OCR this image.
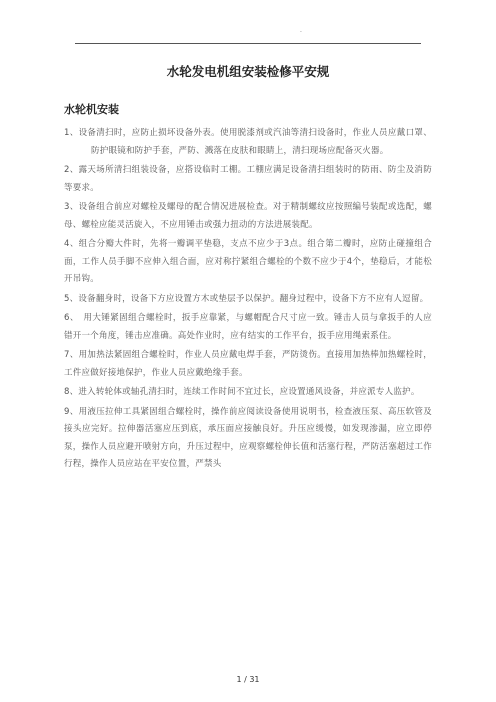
.
水轮发电机组安装检修平安规
水轮机安装

1、设备清扫时，应防止损坏设备外表。使用脱漆剂或汽油等清扫设备时，作业人员应戴口罩、防护眼镜和防护手套，严防、溅落在皮肤和眼睛上，清扫现场应配备灭火器。

2、露天场所清扫组装设备，应搭设临时工棚。工棚应满足设备清扫组装时的防雨、防尘及消防等要求。

3、设备组合前应对螺栓及螺母的配合情况进展检查。对于精制螺纹应按照编号装配或选配，螺母、螺栓应能灵活旋入，不应用锤击或强力扭动的方法进展装配。

4、组合分瓣大件时，先将一瓣调平垫稳，支点不应少于3点。组合第二瓣时，应防止碰撞组合面，工作人员手脚不应伸入组合面，应对称拧紧组合螺栓的个数不应少于4个，垫稳后，才能松开吊钩。

5、设备翻身时，设备下方应设置方木或垫层予以保护。翻身过程中，设备下方不应有人逗留。

6、　用大锤紧固组合螺栓时，扳手应靠紧，与螺帽配合尺寸应一致。锤击人员与拿扳手的人应错开一个角度，锤击应准确。高处作业时，应有结实的工作平台，扳手应用绳索系住。

7、用加热法紧固组合螺栓时，作业人员应戴电焊手套，严防烫伤。直接用加热棒加热螺栓时，工件应做好接地保护，作业人员应戴绝缘手套。

8、进入转轮体或轴孔清扫时，连续工作时间不宜过长，应设置通风设备，并应派专人监护。

9、用液压拉伸工具紧固组合螺栓时，操作前应阅读设备使用说明书，检查液压泵、高压软管及接头应完好。拉伸器活塞应压到底，承压面应接触良好。升压应缓慢，如发现渗漏，应立即停泵，操作人员应避开喷射方向，升压过程中，应观察螺栓伸长值和活塞行程，严防活塞超过工作行程，操作人员应站在平安位置，严禁头

1 / 31
